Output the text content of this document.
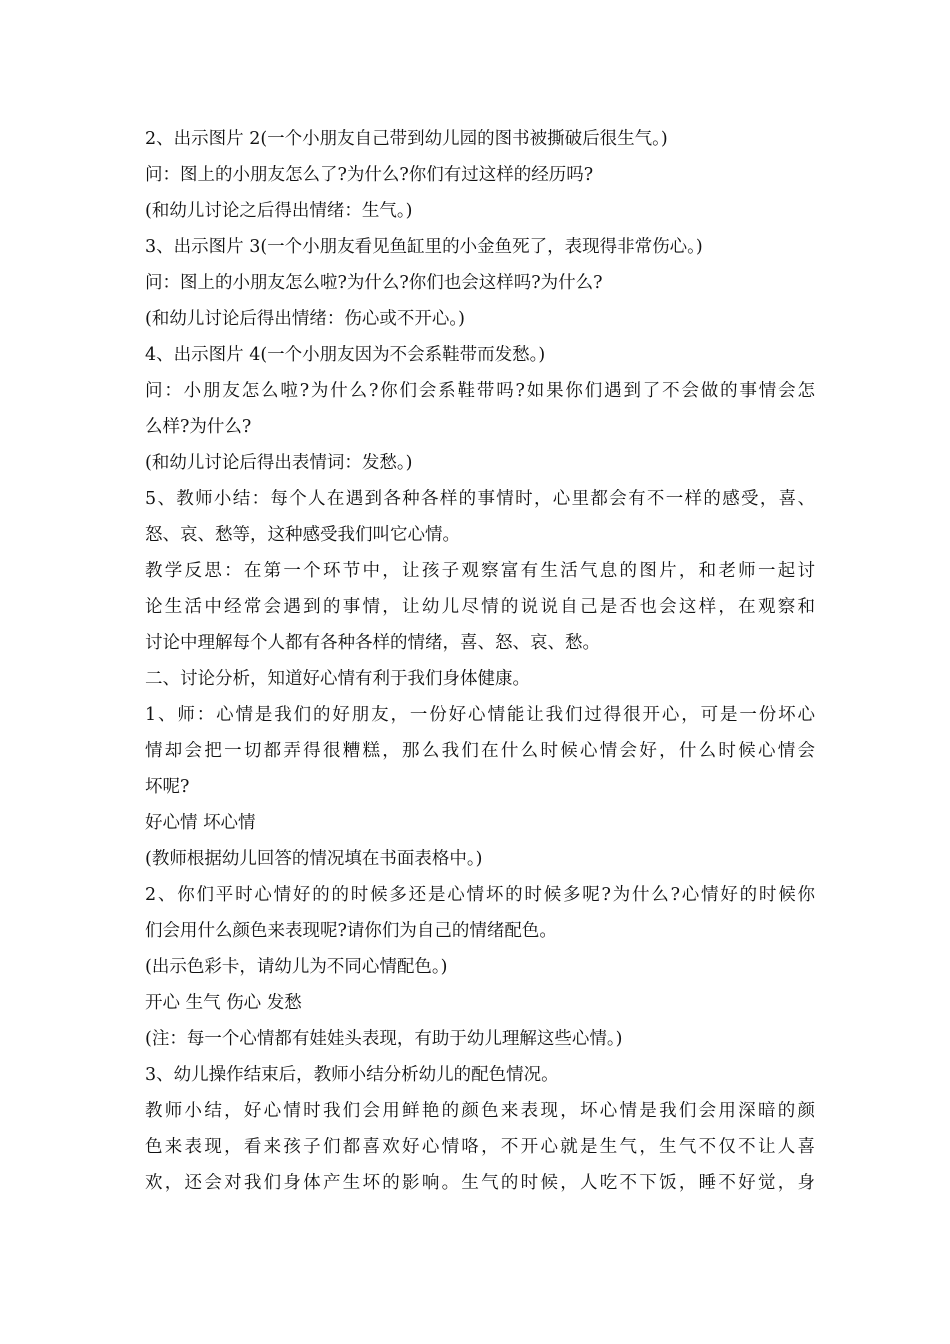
2、出示图片 2(一个小朋友自己带到幼儿园的图书被撕破后很生气。)
问：图上的小朋友怎么了?为什么?你们有过这样的经历吗?
(和幼儿讨论之后得出情绪：生气。)
3、出示图片 3(一个小朋友看见鱼缸里的小金鱼死了，表现得非常伤心。)
问：图上的小朋友怎么啦?为什么?你们也会这样吗?为什么?
(和幼儿讨论后得出情绪：伤心或不开心。)
4、出示图片 4(一个小朋友因为不会系鞋带而发愁。)
问：小朋友怎么啦?为什么?你们会系鞋带吗?如果你们遇到了不会做的事情会怎
么样?为什么?
(和幼儿讨论后得出表情词：发愁。)
5、教师小结：每个人在遇到各种各样的事情时，心里都会有不一样的感受，喜、
怒、哀、愁等，这种感受我们叫它心情。
教学反思：在第一个环节中，让孩子观察富有生活气息的图片，和老师一起讨
论生活中经常会遇到的事情，让幼儿尽情的说说自己是否也会这样，在观察和
讨论中理解每个人都有各种各样的情绪，喜、怒、哀、愁。
二、讨论分析，知道好心情有利于我们身体健康。
1、师：心情是我们的好朋友，一份好心情能让我们过得很开心，可是一份坏心
情却会把一切都弄得很糟糕，那么我们在什么时候心情会好，什么时候心情会
坏呢?
好心情 坏心情
(教师根据幼儿回答的情况填在书面表格中。)
2、你们平时心情好的的时候多还是心情坏的时候多呢?为什么?心情好的时候你
们会用什么颜色来表现呢?请你们为自己的情绪配色。
(出示色彩卡，请幼儿为不同心情配色。)
开心 生气 伤心 发愁
(注：每一个心情都有娃娃头表现，有助于幼儿理解这些心情。)
3、幼儿操作结束后，教师小结分析幼儿的配色情况。
教师小结，好心情时我们会用鲜艳的颜色来表现，坏心情是我们会用深暗的颜
色来表现，看来孩子们都喜欢好心情咯，不开心就是生气，生气不仅不让人喜
欢，还会对我们身体产生坏的影响。生气的时候，人吃不下饭，睡不好觉，身
